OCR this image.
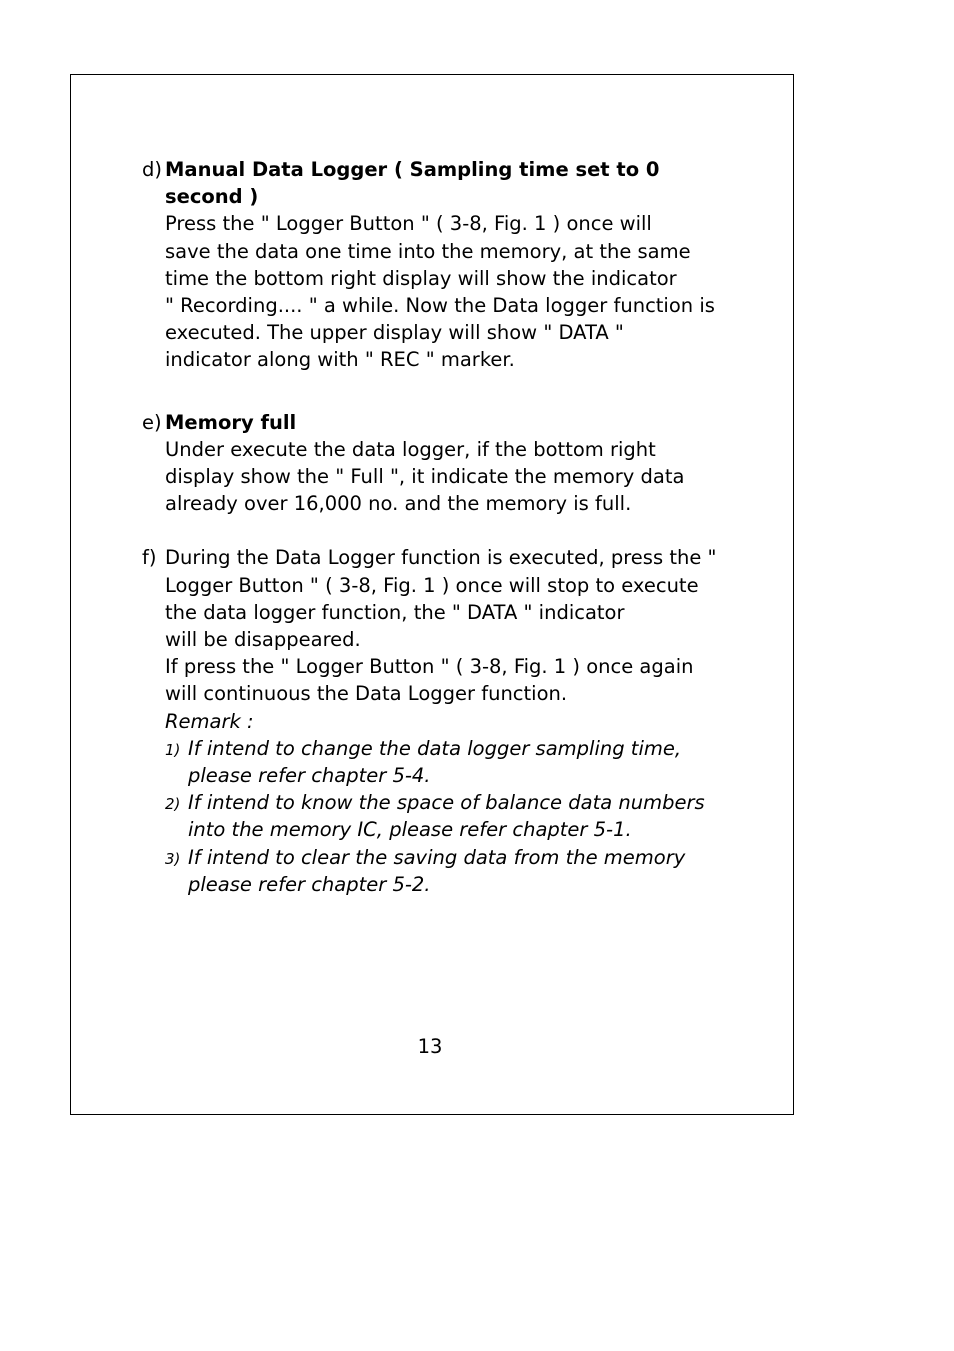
d) Manual Data Logger ( Sampling time set to 0
second )
Press the " Logger Button " ( 3-8, Fig. 1 ) once will
save the data one time into the memory, at the same
time the bottom right display will show the indicator
" Recording.... " a while. Now the Data logger function is
executed. The upper display will show " DATA "
indicator along with " REC " marker.
e) Memory full
Under execute the data logger, if the bottom right
display show the " Full ", it indicate the memory data
already over 16,000 no. and the memory is full.
f) During the Data Logger function is executed, press the "
Logger Button " ( 3-8, Fig. 1 ) once will stop to execute
the data logger function, the " DATA " indicator
will be disappeared.
If press the " Logger Button " ( 3-8, Fig. 1 ) once again
will continuous the Data Logger function.
Remark :
1) If intend to change the data logger sampling time,
please refer chapter 5-4.
2) If intend to know the space of balance data numbers
into the memory IC, please refer chapter 5-1.
3) If intend to clear the saving data from the memory
please refer chapter 5-2.
13
